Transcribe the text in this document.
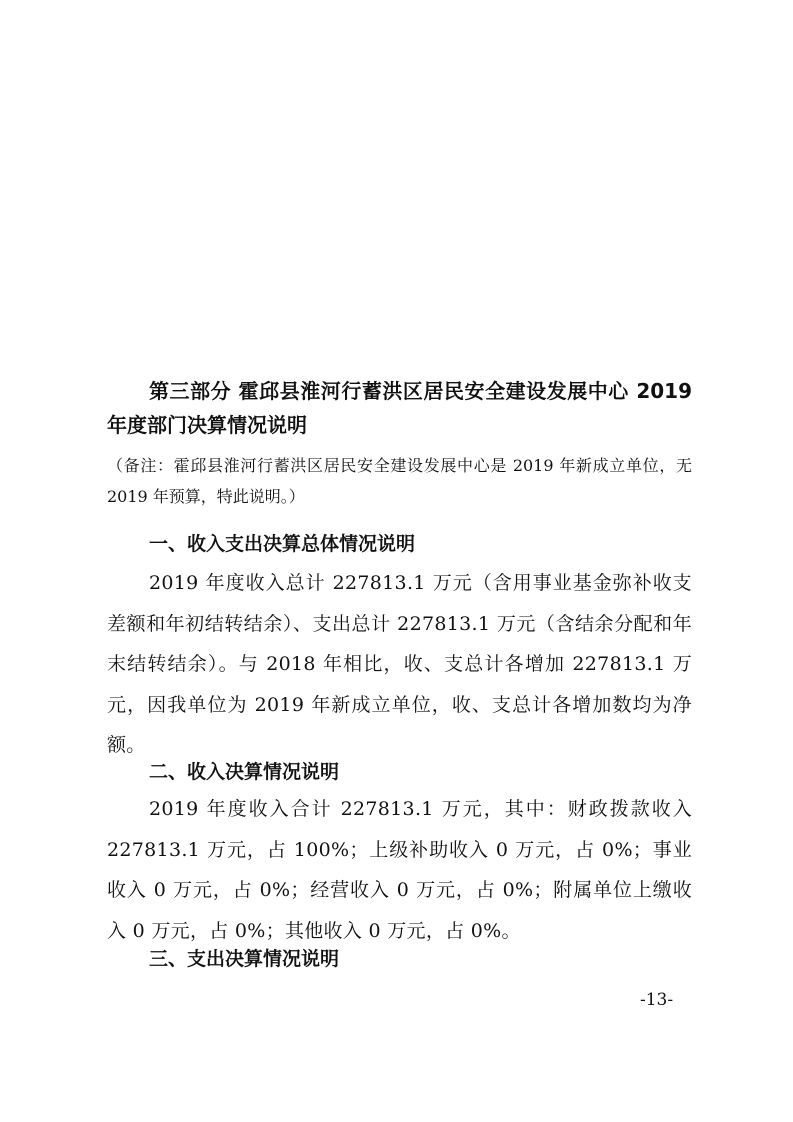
第三部分 霍邱县淮河行蓄洪区居民安全建设发展中心 2019 年度部门决算情况说明

（备注：霍邱县淮河行蓄洪区居民安全建设发展中心是 2019 年新成立单位，无 2019 年预算，特此说明。）

一、收入支出决算总体情况说明

2019 年度收入总计 227813.1 万元（含用事业基金弥补收支差额和年初结转结余）、支出总计 227813.1 万元（含结余分配和年末结转结余）。与 2018 年相比，收、支总计各增加 227813.1 万元，因我单位为 2019 年新成立单位，收、支总计各增加数均为净额。

二、收入决算情况说明

2019 年度收入合计 227813.1 万元，其中：财政拨款收入 227813.1 万元，占 100%；上级补助收入 0 万元，占 0%；事业收入 0 万元，占 0%；经营收入 0 万元，占 0%；附属单位上缴收入 0 万元，占 0%；其他收入 0 万元，占 0%。

三、支出决算情况说明

-13-
